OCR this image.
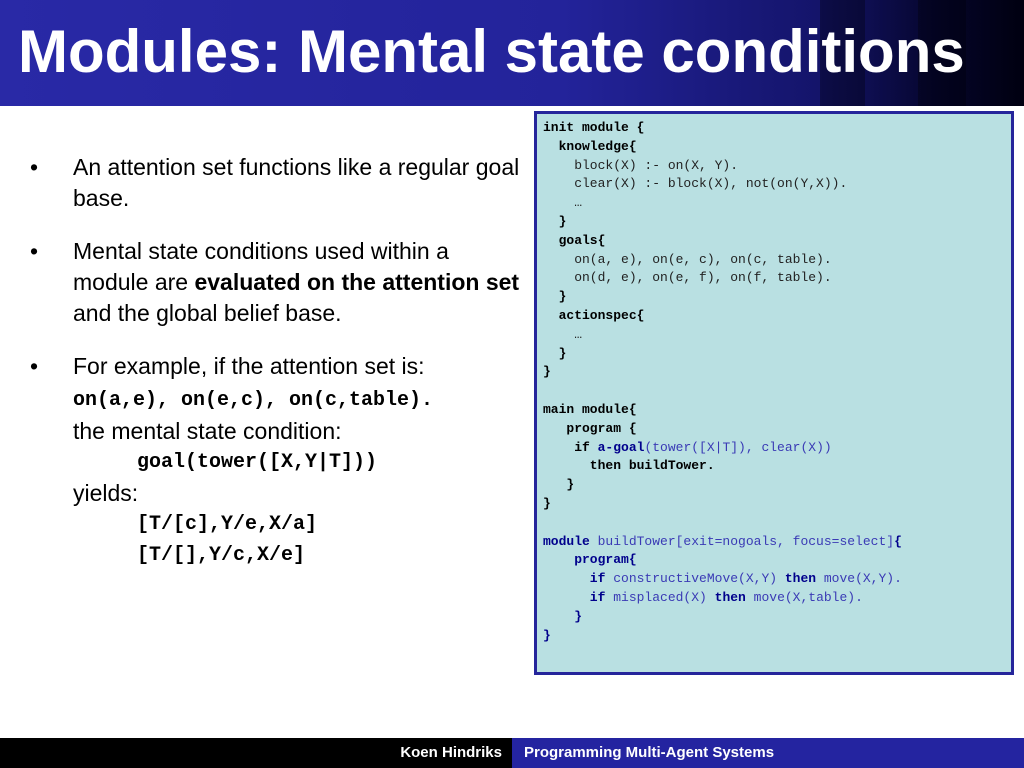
Modules: Mental state conditions
• An attention set functions like a regular goal base.
• Mental state conditions used within a module are evaluated on the attention set and the global belief base.
• For example, if the attention set is:
on(a,e), on(e,c), on(c,table).
the mental state condition:
goal(tower([X,Y|T]))
yields:
[T/[c],Y/e,X/a]
[T/[],Y/c,X/e]
init module {
knowledge{
block(X) :- on(X, Y).
clear(X) :- block(X), not(on(Y,X)).
…
}
goals{
on(a, e), on(e, c), on(c, table).
on(d, e), on(e, f), on(f, table).
}
actionspec{
…
}
}

main module{
program {
if a-goal(tower([X|T]), clear(X))
then buildTower.
}
}

module buildTower[exit=nogoals, focus=select]{
program{
if constructiveMove(X,Y) then move(X,Y).
if misplaced(X) then move(X,table).
}
}
Koen Hindriks Programming Multi-Agent Systems
